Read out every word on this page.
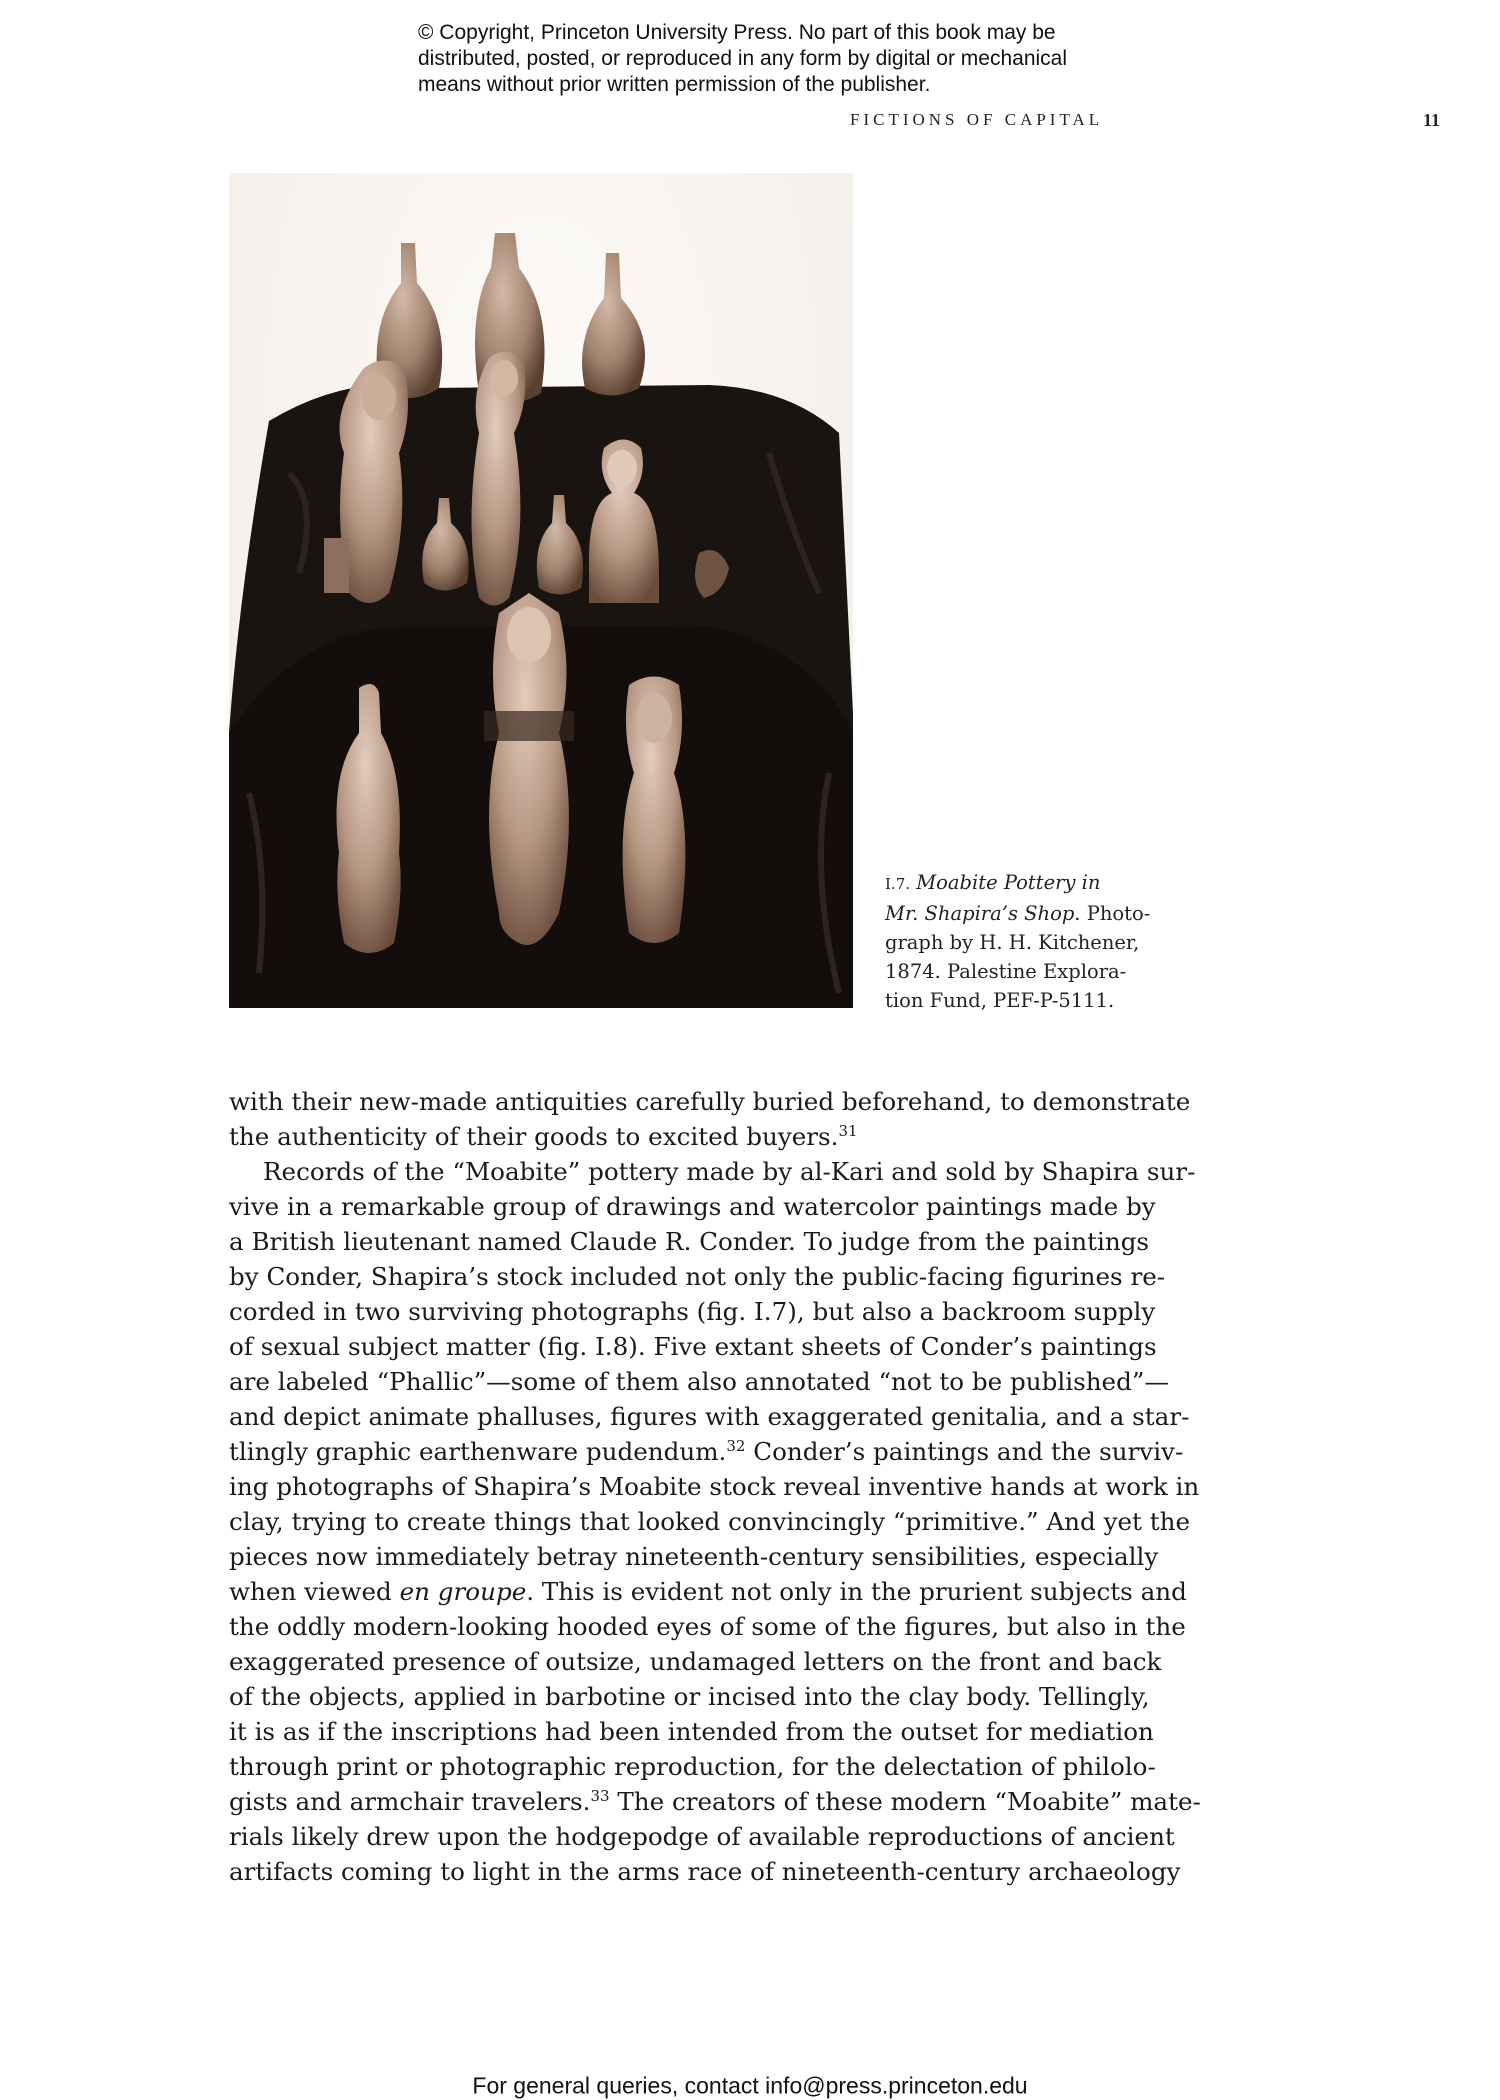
© Copyright, Princeton University Press. No part of this book may be
distributed, posted, or reproduced in any form by digital or mechanical
means without prior written permission of the publisher.
FICTIONS OF CAPITAL	11
I.7. Moabite Pottery in
Mr. Shapira’s Shop. Photo-
graph by H. H. Kitchener,
1874. Palestine Explora-
tion Fund, PEF-P-5111.
with their new-made antiquities carefully buried beforehand, to demonstrate
the authenticity of their goods to excited buyers.$^{31}$
Records of the “Moabite” pottery made by al-Kari and sold by Shapira sur-
vive in a remarkable group of drawings and watercolor paintings made by
a British lieutenant named Claude R. Conder. To judge from the paintings
by Conder, Shapira’s stock included not only the public-facing figurines re-
corded in two surviving photographs (fig. I.7), but also a backroom supply
of sexual subject matter (fig. I.8). Five extant sheets of Conder’s paintings
are labeled “Phallic”—some of them also annotated “not to be published”—
and depict animate phalluses, figures with exaggerated genitalia, and a star-
tlingly graphic earthenware pudendum.$^{32}$ Conder’s paintings and the surviv-
ing photographs of Shapira’s Moabite stock reveal inventive hands at work in
clay, trying to create things that looked convincingly “primitive.” And yet the
pieces now immediately betray nineteenth-century sensibilities, especially
when viewed en groupe. This is evident not only in the prurient subjects and
the oddly modern-looking hooded eyes of some of the figures, but also in the
exaggerated presence of outsize, undamaged letters on the front and back
of the objects, applied in barbotine or incised into the clay body. Tellingly,
it is as if the inscriptions had been intended from the outset for mediation
through print or photographic reproduction, for the delectation of philolo-
gists and armchair travelers.$^{33}$ The creators of these modern “Moabite” mate-
rials likely drew upon the hodgepodge of available reproductions of ancient
artifacts coming to light in the arms race of nineteenth-century archaeology
For general queries, contact info@press.princeton.edu
